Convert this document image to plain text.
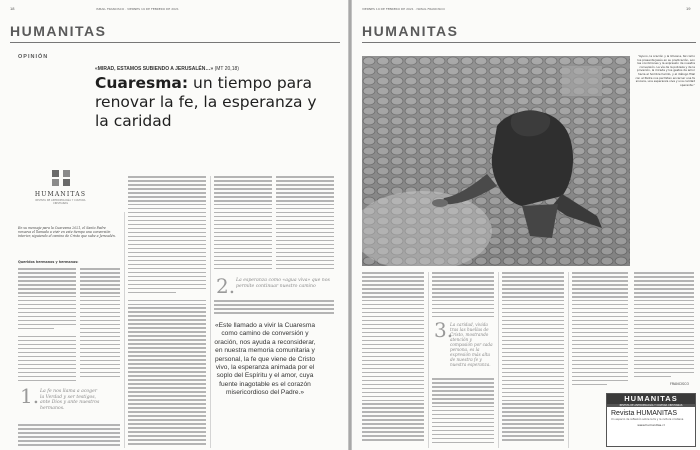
18	ISMAIL FRANCISCO · VIERNES 19 DE FEBRERO DE 2021
HUMANITAS
OPINIÓN
«MIRAD, ESTAMOS SUBIENDO A JERUSALÉN…» (MT 20,18)
Cuaresma: un tiempo para renovar la fe, la esperanza y la caridad
HUMANITAS
REVISTA DE ANTROPOLOGÍA Y CULTURA CRISTIANAS
En su mensaje para la Cuaresma 2021, el Santo Padre renueva el llamado a vivir en este tiempo una conversión interior, siguiendo el camino de Cristo que sube a Jerusalén.
Queridos hermanos y hermanas:
1. La fe nos llama a acoger la Verdad y ser testigos, ante Dios y ante nuestros hermanos.
2. La esperanza como «agua viva» que nos permite continuar nuestro camino
«Este llamado a vivir la Cuaresma como camino de conversión y oración, nos ayuda a reconsiderar, en nuestra memoria comunitaria y personal, la fe que viene de Cristo vivo, la esperanza animada por el soplo del Espíritu y el amor, cuya fuente inagotable es el corazón misericordioso del Padre.»
VIERNES 19 DE FEBRERO DE 2021 · ISMAIL FRANCISCO	19
HUMANITAS
“Ayuno, la oración y la limosna, tal como los presenta Jesús en su predicación, son las condiciones y la expresión de nuestra conversión. La vía de la pobreza y de la privación, la mirada y los gestos de amor hacia el hombre herido, y el diálogo filial con el Padre nos permiten encarnar una fe sincera, una esperanza viva y una caridad operante.”
3.
La caridad, vivida tras las huellas de Cristo, mostrando atención y compasión por cada persona, es la expresión más alta de nuestra fe y nuestra esperanza.
FRANCISCO
HUMANITAS
REVISTA DE ANTROPOLOGÍA Y CULTURA CRISTIANAS
Revista HUMANITAS
Un espacio de reflexión sobre la fe y la cultura cristiana
www.humanitas.cl
